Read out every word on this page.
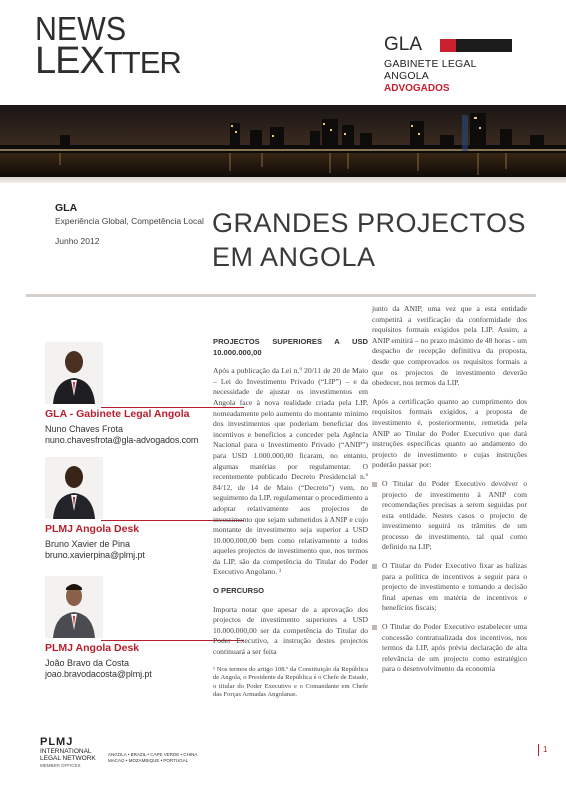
NEWS
LEXTTER
GLA
GABINETE LEGAL ANGOLA
ADVOGADOS
GLA
Experiência Global, Competência Local
Junho 2012
GRANDES PROJECTOS
EM ANGOLA
GLA - Gabinete Legal Angola
Nuno Chaves Frota
nuno.chavesfrota@gla-advogados.com
PLMJ Angola Desk
Bruno Xavier de Pina
bruno.xavierpina@plmj.pt
PLMJ Angola Desk
João Bravo da Costa
joao.bravodacosta@plmj.pt
PROJECTOS SUPERIORES A USD 10.000.000,00

Após a publicação da Lei n.º 20/11 de 20 de Maio – Lei do Investimento Privado (“LIP”) – e da necessidade de ajustar os investimentos em Angola face à nova realidade criada pela LIP, nomeadamente pelo aumento do montante mínimo dos investimentos que poderiam beneficiar dos incentivos e benefícios a conceder pela Agência Nacional para o Investimento Privado (“ANIP”) para USD 1.000.000,00 ficaram, no entanto, algumas matérias por regulamentar. O recentemente publicado Decreto Presidencial n.º 84/12, de 14 de Maio (“Decreto”) vem, no seguimento da LIP, regulamentar o procedimento a adoptar relativamente aos projectos de investimento que sejam submetidos à ANIP e cujo montante de investimento seja superior a USD 10.000.000,00 bem como relativamente a todos aqueles projectos de investimento que, nos termos da LIP, são da competência do Titular do Poder Executivo Angolano. ¹

O PERCURSO

Importa notar que apesar de a aprovação dos projectos de investimento superiores a USD 10.000.000,00 ser da competência do Titular do Poder Executivo, a instrução destes projectos continuará a ser feita

¹ Nos termos do artigo 108.º da Constituição da República de Angola, o Presidente da República é o Chefe de Estado, o titular do Poder Executivo e o Comandante em Chefe das Forças Armadas Angolanas.

junto da ANIP, uma vez que a esta entidade competirá a verificação da conformidade dos requisitos formais exigidos pela LIP. Assim, a ANIP emitirá – no prazo máximo de 48 horas - um despacho de recepção definitiva da proposta, desde que comprovados os requisitos formais a que os projectos de investimento deverão obedecer, nos termos da LIP.

Após a certificação quanto ao cumprimento dos requisitos formais exigidos, a proposta de investimento é, posteriormente, remetida pela ANIP ao Titular do Poder Executivo que dará instruções específicas quanto ao andamento do projecto de investimento e cujas instruções poderão passar por:

O Titular do Poder Executivo devolver o projecto de investimento à ANIP com recomendações precisas a serem seguidas por esta entidade. Nestes casos o projecto de investimento seguirá os trâmites de um processo de investimento, tal qual como definido na LIP;
O Titular do Poder Executivo fixar as balizas para a política de incentivos a seguir para o projecto de investimento e tomando a decisão final apenas em matéria de incentivos e benefícios fiscais;
O Titular do Poder Executivo estabelecer uma concessão contratualizada dos incentivos, nos termos da LIP, após prévia declaração de alta relevância de um projecto como estratégico para o desenvolvimento da economia
PLMJ
INTERNATIONAL
LEGAL NETWORK
MEMBER OFFICES
ANGOLA • BRAZIL • CAPE VERDE • CHINA
MACAO • MOZAMBIQUE • PORTUGAL
1
